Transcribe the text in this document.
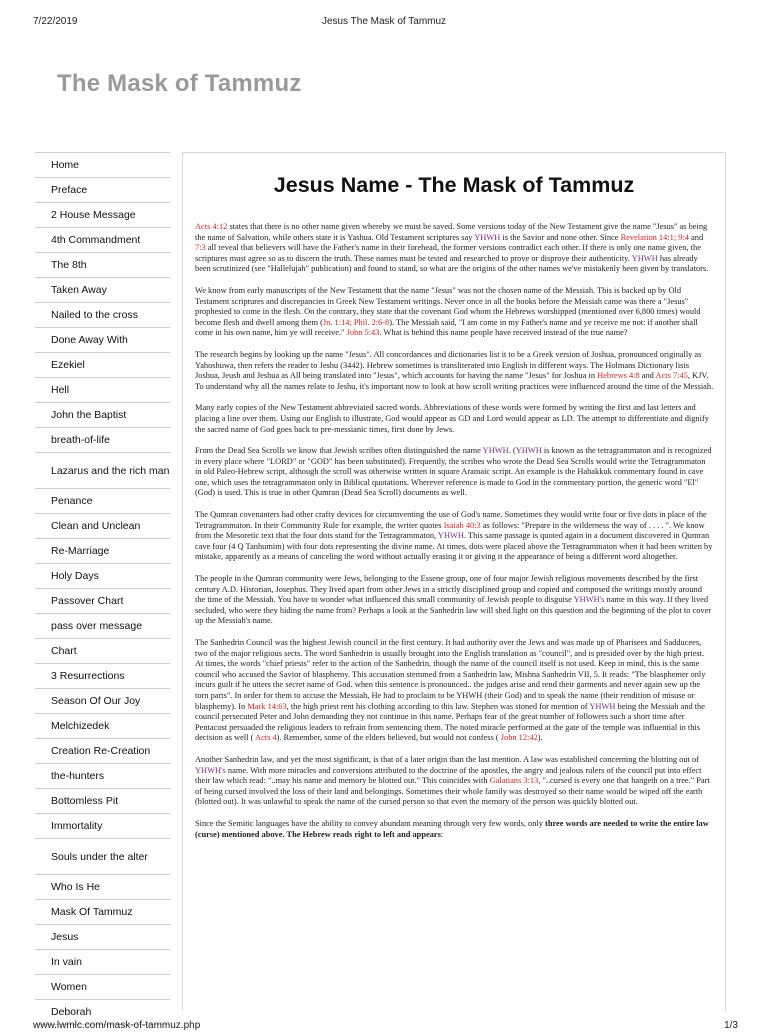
7/22/2019	Jesus The Mask of Tammuz
The Mask of Tammuz
Home
Preface
2 House Message
4th Commandment
The 8th
Taken Away
Nailed to the cross
Done Away With
Ezekiel
Hell
John the Baptist
breath-of-life
Lazarus and the rich man
Penance
Clean and Unclean
Re-Marriage
Holy Days
Passover Chart
pass over message
Chart
3 Resurrections
Season Of Our Joy
Melchizedek
Creation Re-Creation
the-hunters
Bottomless Pit
Immortality
Souls under the alter
Who Is He
Mask Of Tammuz
Jesus
In vain
Women
Deborah
Jesus Name - The Mask of Tammuz

Acts 4:12 states that there is no other name given whereby we must be saved. Some versions today of the New Testament give the name "Jesus" as being the name of Salvation, while others state it is Yashua. Old Testament scriptures say YHWH is the Savior and none other. Since Revelation 14:1; 9:4 and 7:3 all reveal that believers will have the Father's name in their forehead, the former versions contradict each other. If there is only one name given, the scriptures must agree so as to discern the truth. These names must be tested and researched to prove or disprove their authenticity. YHWH has already been scrutinized (see "Hallelujah" publication) and found to stand, so what are the origins of the other names we've mistakenly been given by translators.

We know from early manuscripts of the New Testament that the name "Jesus" was not the chosen name of the Messiah. This is backed up by Old Testament scriptures and discrepancies in Greek New Testament writings. Never once in all the books before the Messiah came was there a "Jesus" prophesied to come in the flesh. On the contrary, they state that the covenant God whom the Hebrews worshipped (mentioned over 6,800 times) would become flesh and dwell among them (Jn. 1:14; Phil. 2:6-8). The Messiah said, "I am come in my Father's name and ye receive me not: if another shall come in his own name, him ye will receive." John 5:43. What is behind this name people have received instead of the true name?

The research begins by looking up the name "Jesus". All concordances and dictionaries list it to be a Greek version of Joshua, pronounced originally as Yahoshuwa, then refers the reader to Jeshu (3442). Hebrew sometimes is transliterated into English in different ways. The Holmans Dictionary lists Joshua, Jeush and Jeshua as All being translated into "Jesus", which accounts for having the name "Jesus" for Joshua in Hebrews 4:8 and Acts 7:45, KJV. To understand why all the names relate to Jeshu, it's important now to look at how scroll writing practices were influenced around the time of the Messiah.

Many early copies of the New Testament abbreviated sacred words. Abbreviations of these words were formed by writing the first and last letters and placing a line over them. Using our English to illustrate, God would appear as GD and Lord would appear as LD. The attempt to differentiate and dignify the sacred name of God goes back to pre-messianic times, first done by Jews.

From the Dead Sea Scrolls we know that Jewish scribes often distinguished the name YHWH. (YHWH is known as the tetragrammaton and is recognized in every place where "LORD" or "GOD" has been substituted). Frequently, the scribes who wrote the Dead Sea Scrolls would write the Tetragrammaton in old Paleo-Hebrew script, although the scroll was otherwise written in square Aramaic script. An example is the Habakkuk commentary found in cave one, which uses the tetragrammaton only in Biblical quotations. Wherever reference is made to God in the commentary portion, the generic word "El" (God) is used. This is true in other Qumran (Dead Sea Scroll) documents as well.

The Qumran covenanters had other crafty devices for circumventing the use of God's name. Sometimes they would write four or five dots in place of the Tetragrammaton. In their Community Rule for example, the writer quotes Isaiah 40:3 as follows: "Prepare in the wilderness the way of . . . . ". We know from the Mesoretic text that the four dots stand for the Tetragrammaton, YHWH. This same passage is quoted again in a document discovered in Qumran cave four (4 Q Tanhumim) with four dots representing the divine name. At times, dots were placed above the Tetragrammaton when it had been written by mistake, apparently as a means of canceling the word without actually erasing it or giving it the appearance of being a different word altogether.

The people in the Qumran community were Jews, belonging to the Essene group, one of four major Jewish religious movements described by the first century A.D. Historian, Josephus. They lived apart from other Jews in a strictly disciplined group and copied and composed the writings mostly around the time of the Messiah. You have to wonder what influenced this small community of Jewish people to disguise YHWH's name in this way. If they lived secluded, who were they hiding the name from? Perhaps a look at the Sanhedrin law will shed light on this question and the beginning of the plot to cover up the Messiah's name.

The Sanhedrin Council was the highest Jewish council in the first century. It had authority over the Jews and was made up of Pharisees and Sadducees, two of the major religious sects. The word Sanhedrin is usually brought into the English translation as "council", and is presided over by the high priest. At times, the words "chief priests" refer to the action of the Sanhedrin, though the name of the council itself is not used. Keep in mind, this is the same council who accused the Savior of blasphemy. This accusation stemmed from a Sanhedrin law, Mishna Sanhedrin VII, 5. It reads: "The blasphemer only incurs guilt if he utters the secret name of God. when this sentence is pronounced.. the judges arise and rend their garments and never again sew up the torn parts". In order for them to accuse the Messiah, He had to proclaim to be YHWH (their God) and to speak the name (their rendition of misuse or blasphemy). In Mark 14:63, the high priest rent his clothing according to this law. Stephen was stoned for mention of YHWH being the Messiah and the council persecuted Peter and John demanding they not continue in this name. Perhaps fear of the great number of followers such a short time after Pentacost persuaded the religious leaders to refrain from sentencing them. The noted miracle performed at the gate of the temple was influential in this decision as well ( Acts 4). Remember, some of the elders believed, but would not confess ( John 12:42).

Another Sanhedrin law, and yet the most significant, is that of a later origin than the last mention. A law was established concerning the blotting out of YHWH's name. With more miracles and conversions attributed to the doctrine of the apostles, the angry and jealous rulers of the council put into effect their law which read: "..may his name and memory be blotted out." This coincides with Galatians 3:13, "..cursed is every one that hangeth on a tree." Part of being cursed involved the loss of their land and belongings. Sometimes their whole family was destroyed so their name would be wiped off the earth (blotted out). It was unlawful to speak the name of the cursed person so that even the memory of the person was quickly blotted out.

Since the Semitic languages have the ability to convey abundant meaning through very few words, only three words are needed to write the entire law (curse) mentioned above. The Hebrew reads right to left and appears:

www.lwmlc.com/mask-of-tammuz.php	1/3
